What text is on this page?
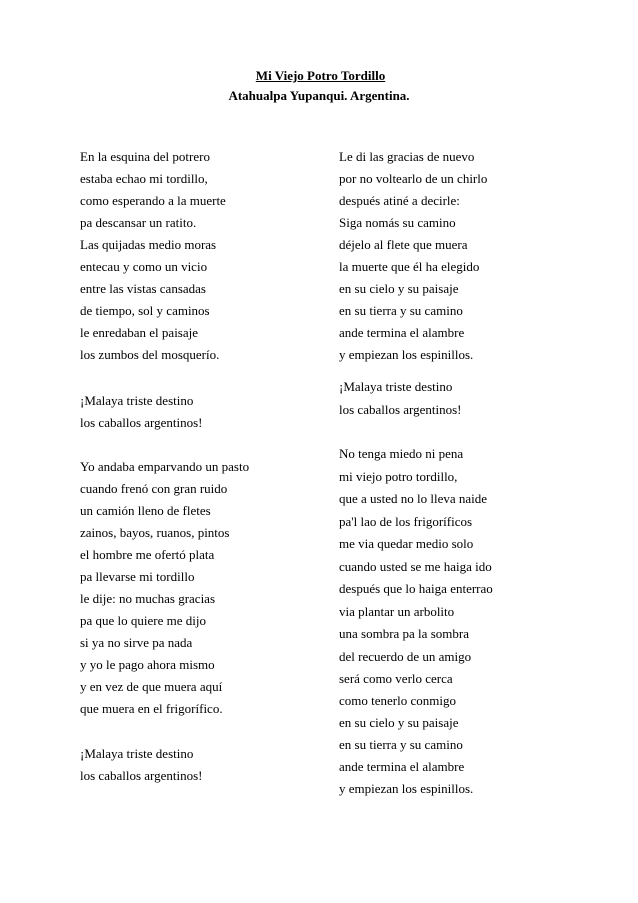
Mi Viejo Potro Tordillo
Atahualpa Yupanqui. Argentina.
En la esquina del potrero
estaba echao mi tordillo,
como esperando a la muerte
pa descansar un ratito.
Las quijadas medio moras
entecau y como un vicio
entre las vistas cansadas
de tiempo, sol y caminos
le enredaban el paisaje
los zumbos del mosquerío.
¡Malaya triste destino
los caballos argentinos!
Yo andaba emparvando un pasto
cuando frenó con gran ruido
un camión lleno de fletes
zainos, bayos, ruanos, pintos
el hombre me ofertó plata
pa llevarse mi tordillo
le dije: no muchas gracias
pa que lo quiere me dijo
si ya no sirve pa nada
y yo le pago ahora mismo
y en vez de que muera aquí
que muera en el frigorífico.
¡Malaya triste destino
los caballos argentinos!
Le di las gracias de nuevo
por no voltearlo de un chirlo
después atiné a decirle:
Siga nomás su camino
déjelo al flete que muera
la muerte que él ha elegido
en su cielo y su paisaje
en su tierra y su camino
ande termina el alambre
y empiezan los espinillos.
¡Malaya triste destino
los caballos argentinos!
No tenga miedo ni pena
mi viejo potro tordillo,
que a usted no lo lleva naide
pa'l lao de los frigoríficos
me via quedar medio solo
cuando usted se me haiga ido
después que lo haiga enterrao
via plantar un arbolito
una sombra pa la sombra
del recuerdo de un amigo
será como verlo cerca
como tenerlo conmigo
en su cielo y su paisaje
en su tierra y su camino
ande termina el alambre
y empiezan los espinillos.
